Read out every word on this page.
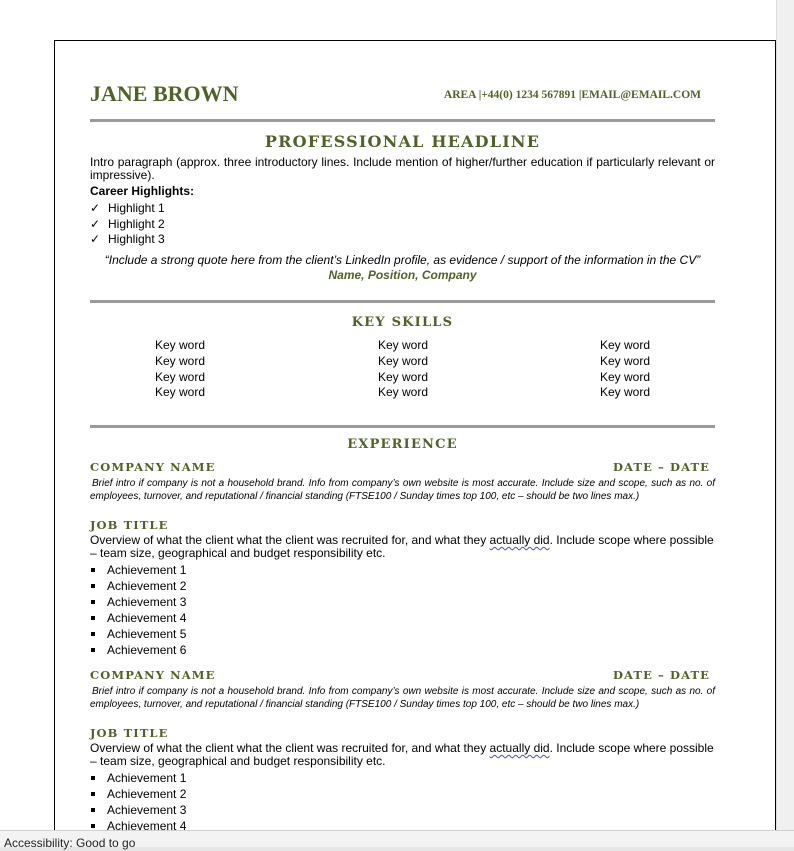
JANE BROWN	AREA |+44(0) 1234 567891 |EMAIL@EMAIL.COM
PROFESSIONAL HEADLINE
Intro paragraph (approx. three introductory lines. Include mention of higher/further education if particularly relevant or impressive).
Career Highlights:
✓ Highlight 1
✓ Highlight 2
✓ Highlight 3
“Include a strong quote here from the client’s LinkedIn profile, as evidence / support of the information in the CV”
Name, Position, Company
KEY SKILLS
Key word	Key word	Key word
Key word	Key word	Key word
Key word	Key word	Key word
Key word	Key word	Key word
EXPERIENCE
COMPANY NAME	DATE – DATE
Brief intro if company is not a household brand. Info from company’s own website is most accurate. Include size and scope, such as no. of employees, turnover, and reputational / financial standing (FTSE100 / Sunday times top 100, etc – should be two lines max.)
JOB TITLE
Overview of what the client what the client was recruited for, and what they actually did. Include scope where possible – team size, geographical and budget responsibility etc.
Achievement 1
Achievement 2
Achievement 3
Achievement 4
Achievement 5
Achievement 6
COMPANY NAME	DATE – DATE
Brief intro if company is not a household brand. Info from company’s own website is most accurate. Include size and scope, such as no. of employees, turnover, and reputational / financial standing (FTSE100 / Sunday times top 100, etc – should be two lines max.)
JOB TITLE
Overview of what the client what the client was recruited for, and what they actually did. Include scope where possible – team size, geographical and budget responsibility etc.
Achievement 1
Achievement 2
Achievement 3
Achievement 4
Accessibility: Good to go
